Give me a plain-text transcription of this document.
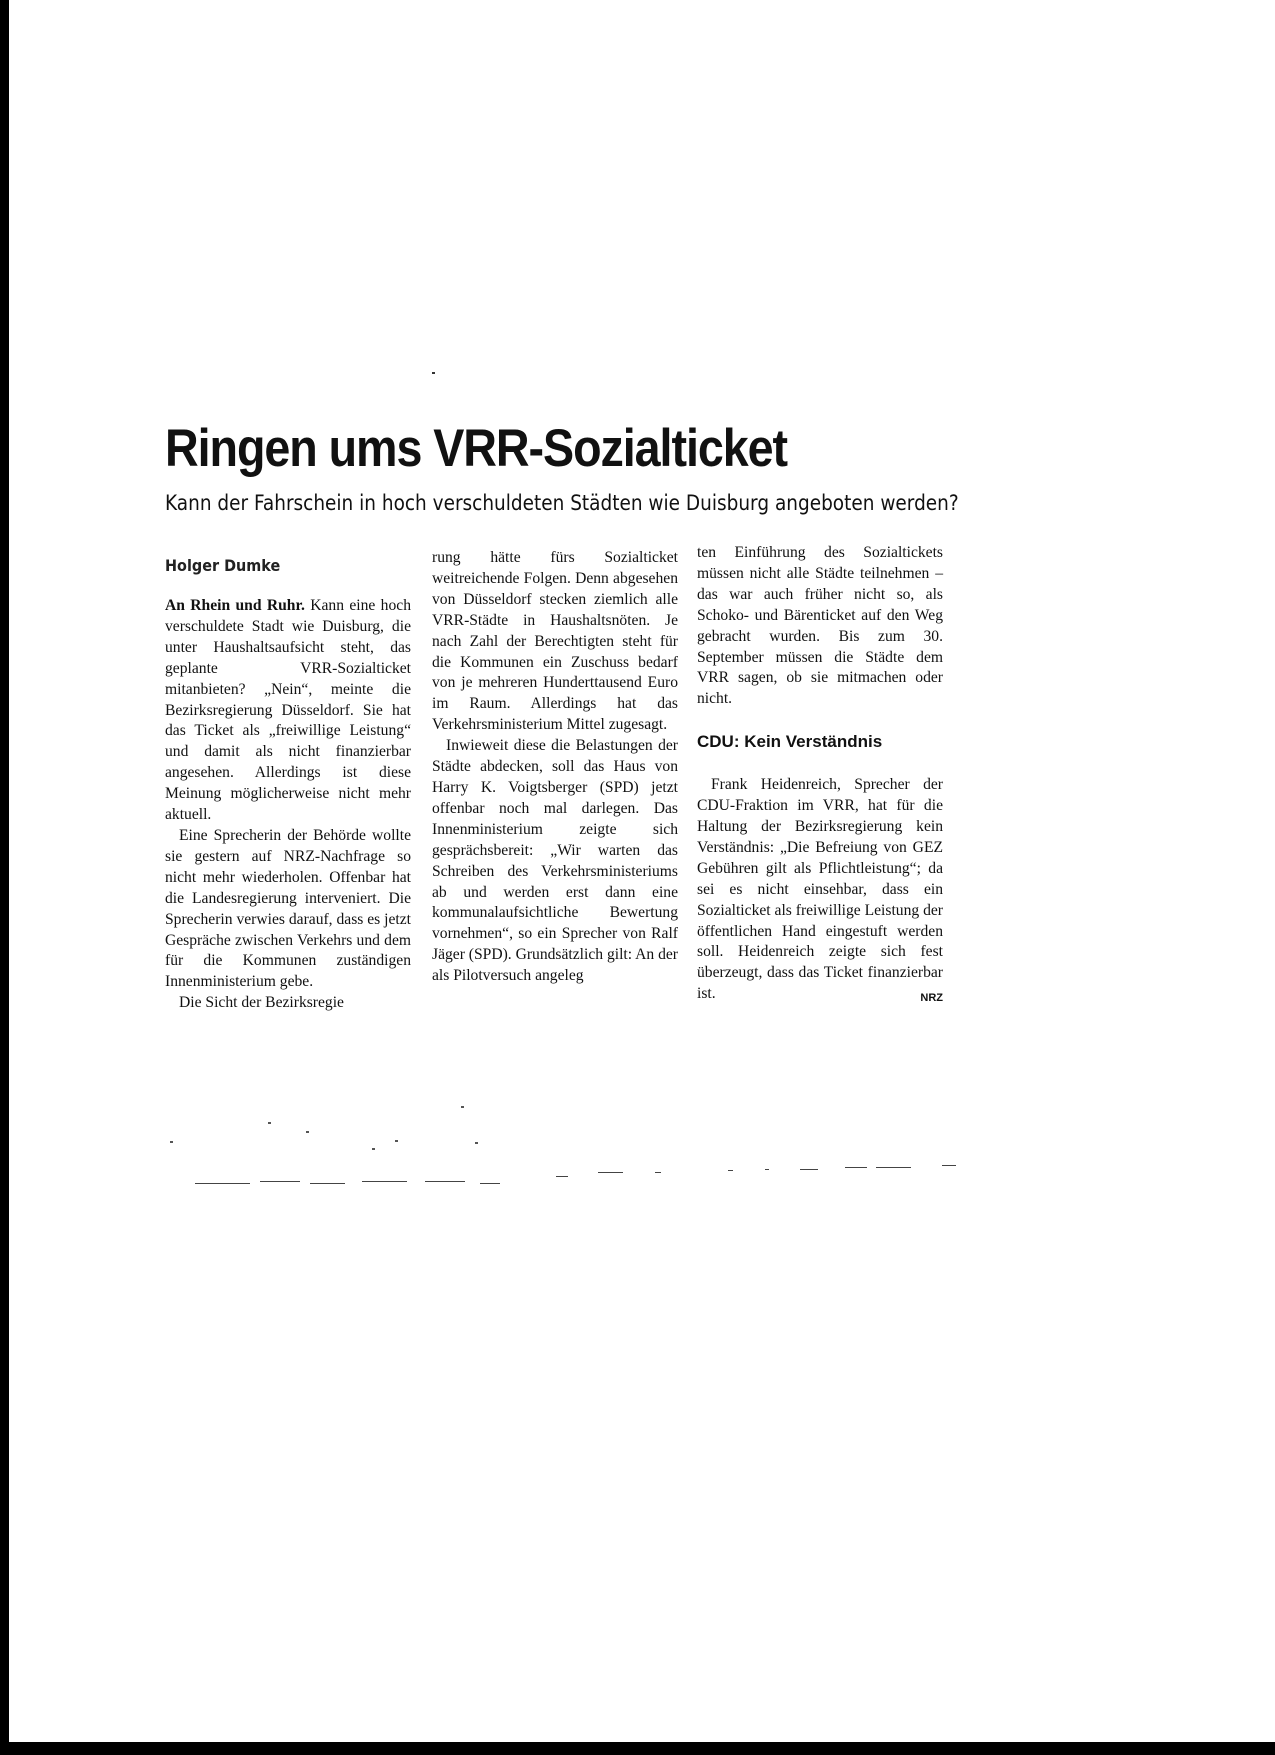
Ringen ums VRR-Sozialticket
Kann der Fahrschein in hoch verschuldeten Städten wie Duisburg angeboten werden?
Holger Dumke

An Rhein und Ruhr. Kann eine hoch verschuldete Stadt wie Duisburg, die unter Haushaltsaufsicht steht, das geplante VRR-Sozialticket mitanbieten? „Nein“, meinte die Bezirksregierung Düsseldorf. Sie hat das Ticket als „freiwillige Leistung“ und damit als nicht finanzierbar angesehen. Allerdings ist diese Meinung möglicherweise nicht mehr aktuell.

Eine Sprecherin der Behörde wollte sie gestern auf NRZ-Nachfrage so nicht mehr wiederholen. Offenbar hat die Landesregierung interveniert. Die Sprecherin verwies darauf, dass es jetzt Gespräche zwischen Verkehrs und dem für die Kommunen zuständigen Innenministerium gebe.

Die Sicht der Bezirksregie

rung hätte fürs Sozialticket weitreichende Folgen. Denn abgesehen von Düsseldorf stecken ziemlich alle VRR-Städte in Haushaltsnöten. Je nach Zahl der Berechtigten steht für die Kommunen ein Zuschuss bedarf von je mehreren Hunderttausend Euro im Raum. Allerdings hat das Verkehrsministerium Mittel zugesagt.

Inwieweit diese die Belastungen der Städte abdecken, soll das Haus von Harry K. Voigtsberger (SPD) jetzt offenbar noch mal darlegen. Das Innenministerium zeigte sich gesprächsbereit: „Wir warten das Schreiben des Verkehrsministeriums ab und werden erst dann eine kommunalaufsichtliche Bewertung vornehmen“, so ein Sprecher von Ralf Jäger (SPD). Grundsätzlich gilt: An der als Pilotversuch angeleg

ten Einführung des Sozialtickets müssen nicht alle Städte teilnehmen – das war auch früher nicht so, als Schoko- und Bärenticket auf den Weg gebracht wurden. Bis zum 30. September müssen die Städte dem VRR sagen, ob sie mitmachen oder nicht.

CDU: Kein Verständnis

Frank Heidenreich, Sprecher der CDU-Fraktion im VRR, hat für die Haltung der Bezirksregierung kein Verständnis: „Die Befreiung von GEZ Gebühren gilt als Pflichtleistung“; da sei es nicht einsehbar, dass ein Sozialticket als freiwillige Leistung der öffentlichen Hand eingestuft werden soll. Heidenreich zeigte sich fest überzeugt, dass das Ticket finanzierbar ist.	NRZ
